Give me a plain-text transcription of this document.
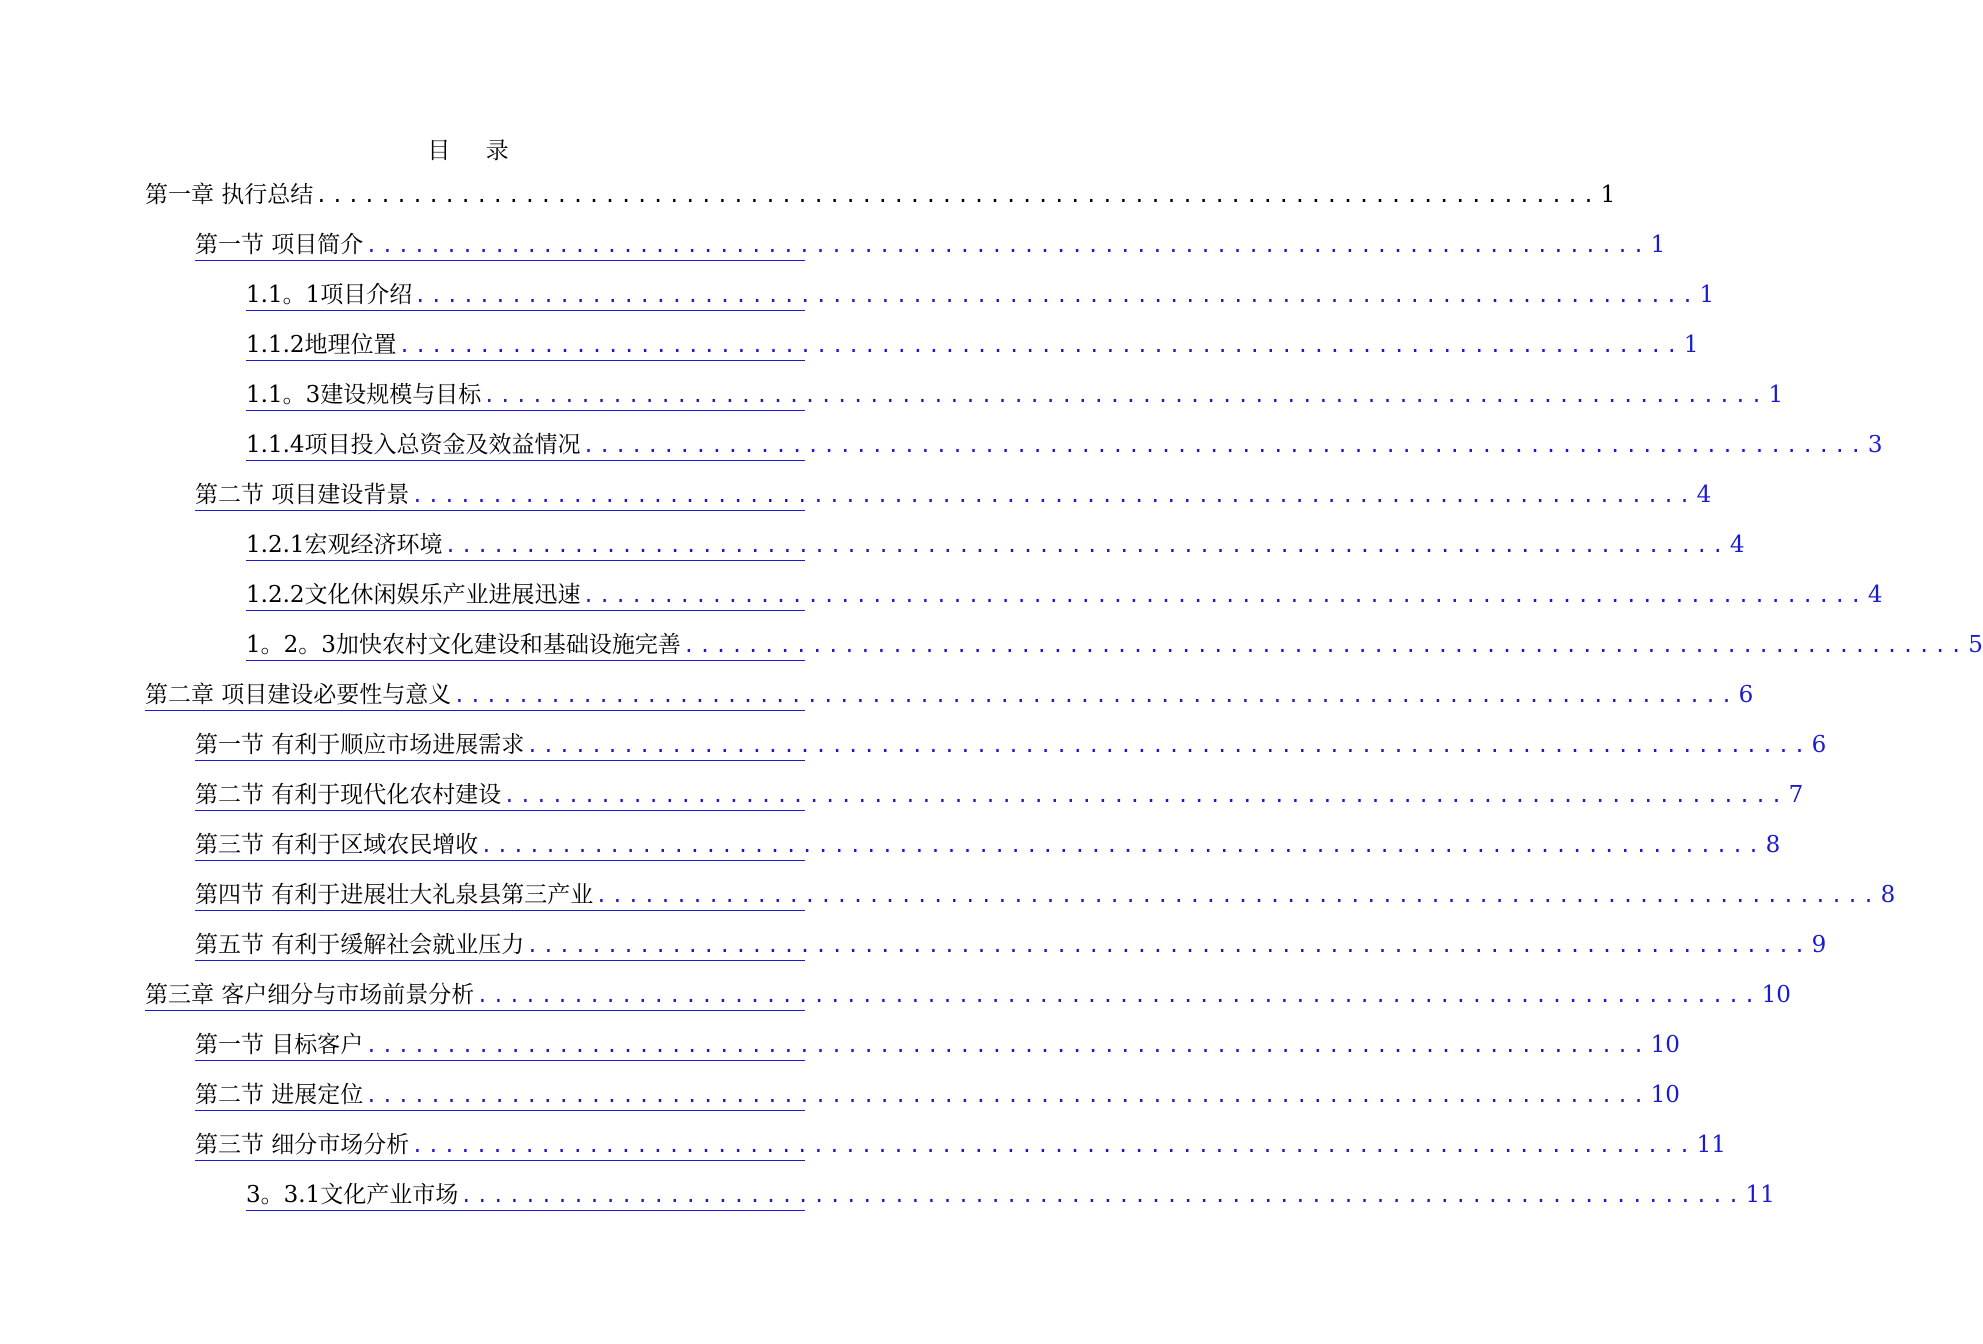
目 录
第一章 执行总结 ................................................................................ 1
第一节 项目简介 ................................................................................ 1
1.1。1项目介绍 ................................................................................ 1
1.1.2地理位置 ................................................................................ 1
1.1。3建设规模与目标 ................................................................................ 1
1.1.4项目投入总资金及效益情况 ................................................................................ 3
第二节 项目建设背景 ................................................................................ 4
1.2.1宏观经济环境 ................................................................................ 4
1.2.2文化休闲娱乐产业进展迅速 ................................................................................ 4
1。2。3加快农村文化建设和基础设施完善 ................................................................................ 5
第二章 项目建设必要性与意义 ................................................................................ 6
第一节 有利于顺应市场进展需求 ................................................................................ 6
第二节 有利于现代化农村建设 ................................................................................ 7
第三节 有利于区域农民增收 ................................................................................ 8
第四节 有利于进展壮大礼泉县第三产业 ................................................................................ 8
第五节 有利于缓解社会就业压力 ................................................................................ 9
第三章 客户细分与市场前景分析 ................................................................................ 10
第一节 目标客户 ................................................................................ 10
第二节 进展定位 ................................................................................ 10
第三节 细分市场分析 ................................................................................ 11
3。3.1文化产业市场 ................................................................................ 11
